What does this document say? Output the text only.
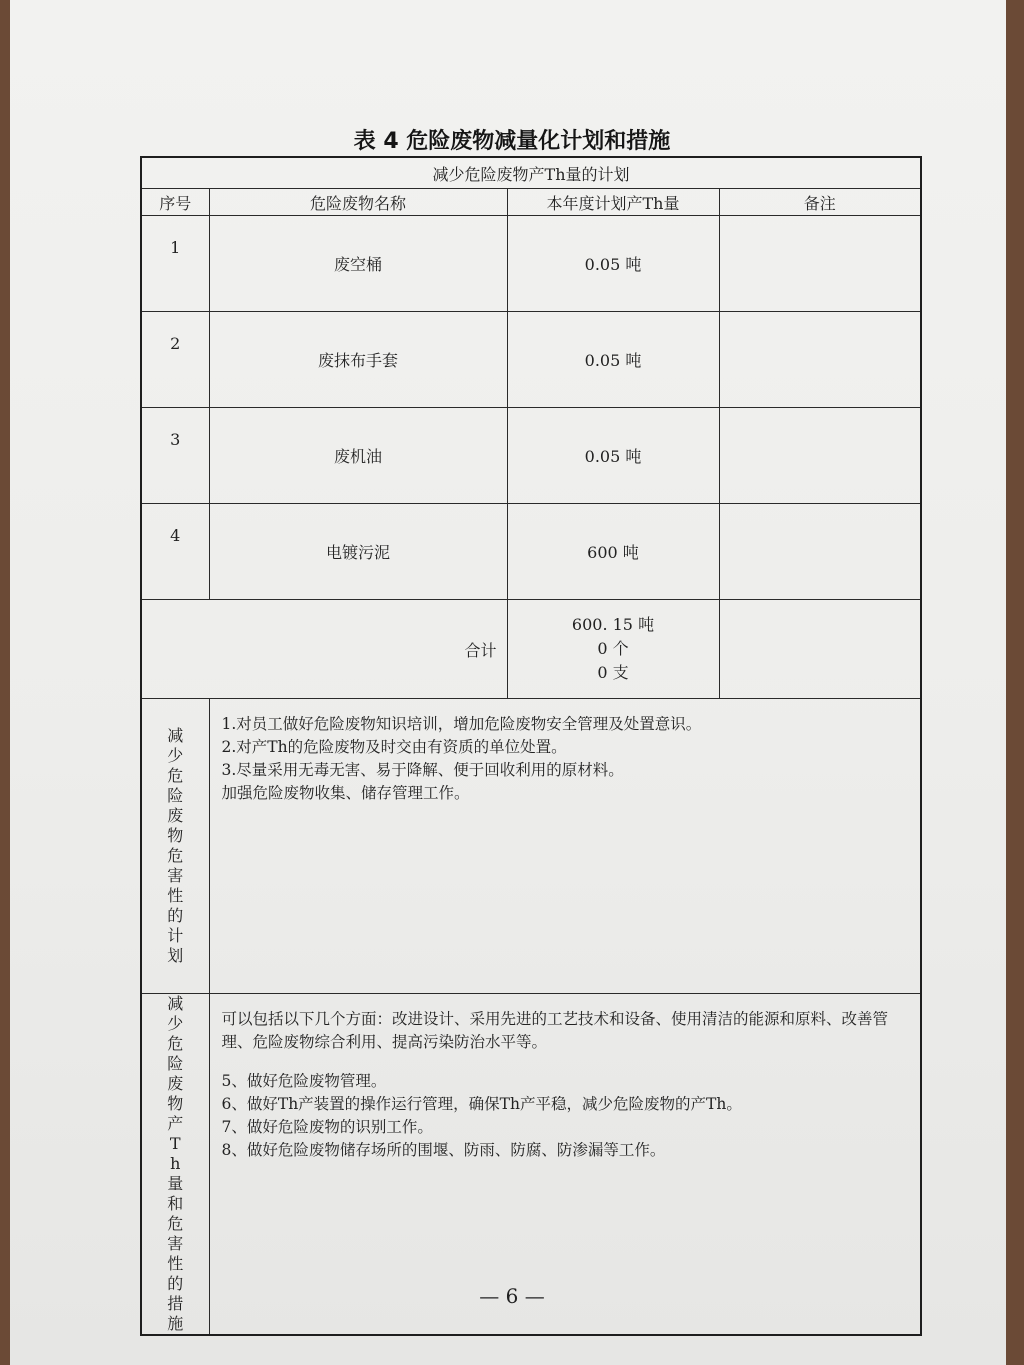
表 4 危险废物减量化计划和措施
减少危险废物产Th量的计划			
序号	危险废物名称	本年度计划产Th量	备注
1	废空桶	0.05 吨	
2	废抹布手套	0.05 吨	
3	废机油	0.05 吨	
4	电镀污泥	600 吨	
合计		600. 15 吨
0 个
0 支	

减少危险废物危害性的计划	1.对员工做好危险废物知识培训，增加危险废物安全管理及处置意识。

2.对产Th的危险废物及时交由有资质的单位处置。

3.尽量采用无毒无害、易于降解、便于回收利用的原材料。

加强危险废物收集、储存管理工作。		

减少危险废物产Th量和危害性的措施	可以包括以下几个方面：改进设计、采用先进的工艺技术和设备、使用清洁的能源和原料、改善管理、危险废物综合利用、提高污染防治水平等。

5、做好危险废物管理。

6、做好Th产装置的操作运行管理，确保Th产平稳，减少危险废物的产Th。

7、做好危险废物的识别工作。

8、做好危险废物储存场所的围堰、防雨、防腐、防渗漏等工作。		

— 6 —
